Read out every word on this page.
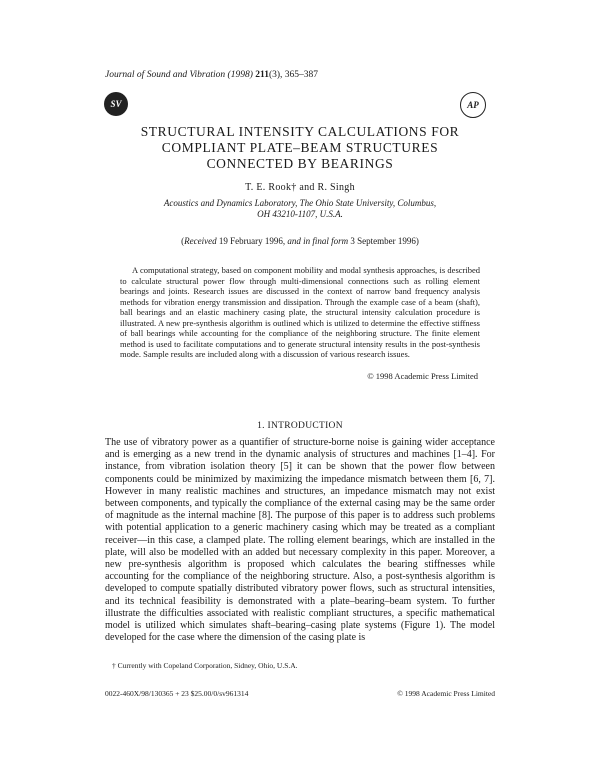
Journal of Sound and Vibration (1998) 211(3), 365–387
SV	AP
STRUCTURAL INTENSITY CALCULATIONS FOR
COMPLIANT PLATE–BEAM STRUCTURES
CONNECTED BY BEARINGS
T. E. Rook† and R. Singh
Acoustics and Dynamics Laboratory, The Ohio State University, Columbus,
OH 43210-1107, U.S.A.
(Received 19 February 1996, and in final form 3 September 1996)
A computational strategy, based on component mobility and modal synthesis approaches, is described to calculate structural power flow through multi-dimensional connections such as rolling element bearings and joints. Research issues are discussed in the context of narrow band frequency analysis methods for vibration energy transmission and dissipation. Through the example case of a beam (shaft), ball bearings and an elastic machinery casing plate, the structural intensity calculation procedure is illustrated. A new pre-synthesis algorithm is outlined which is utilized to determine the effective stiffness of ball bearings while accounting for the compliance of the neighboring structure. The finite element method is used to facilitate computations and to generate structural intensity results in the post-synthesis mode. Sample results are included along with a discussion of various research issues.
© 1998 Academic Press Limited
1. INTRODUCTION
The use of vibratory power as a quantifier of structure-borne noise is gaining wider acceptance and is emerging as a new trend in the dynamic analysis of structures and machines [1–4]. For instance, from vibration isolation theory [5] it can be shown that the power flow between components could be minimized by maximizing the impedance mismatch between them [6, 7]. However in many realistic machines and structures, an impedance mismatch may not exist between components, and typically the compliance of the external casing may be the same order of magnitude as the internal machine [8]. The purpose of this paper is to address such problems with potential application to a generic machinery casing which may be treated as a compliant receiver—in this case, a clamped plate. The rolling element bearings, which are installed in the plate, will also be modelled with an added but necessary complexity in this paper. Moreover, a new pre-synthesis algorithm is proposed which calculates the bearing stiffnesses while accounting for the compliance of the neighboring structure. Also, a post-synthesis algorithm is developed to compute spatially distributed vibratory power flows, such as structural intensities, and its technical feasibility is demonstrated with a plate–bearing–beam system. To further illustrate the difficulties associated with realistic compliant structures, a specific mathematical model is utilized which simulates shaft–bearing–casing plate systems (Figure 1). The model developed for the case where the dimension of the casing plate is
† Currently with Copeland Corporation, Sidney, Ohio, U.S.A.
0022-460X/98/130365 + 23 $25.00/0/sv961314	© 1998 Academic Press Limited
